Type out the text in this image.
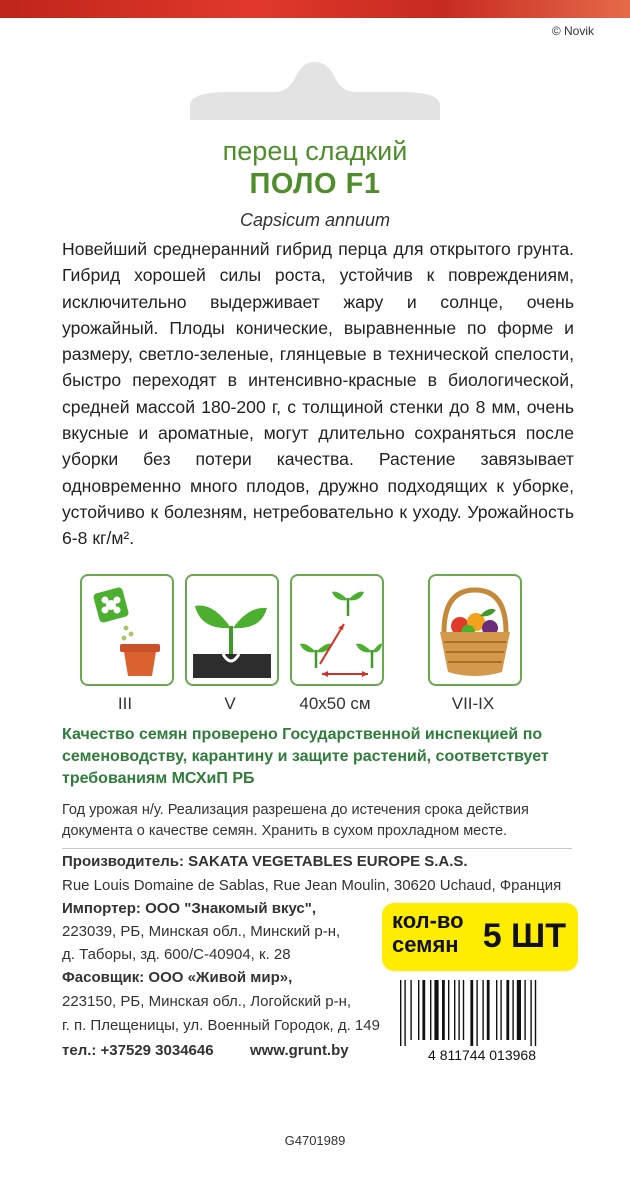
© Novik
перец сладкий
ПОЛО F1
Capsicum annuum
Новейший среднеранний гибрид перца для открытого грунта. Гибрид хорошей силы роста, устойчив к повреждениям, исключительно выдерживает жару и солнце, очень урожайный. Плоды конические, выравненные по форме и размеру, светло-зеленые, глянцевые в технической спелости, быстро переходят в интенсивно-красные в биологической, средней массой 180-200 г, с толщиной стенки до 8 мм, очень вкусные и ароматные, могут длительно сохраняться после уборки без потери качества. Растение завязывает одновременно много плодов, дружно подходящих к уборке, устойчиво к болезням, нетребовательно к уходу. Урожайность 6-8 кг/м².
III	V	40x50 см	VII-IX
Качество семян проверено Государственной инспекцией по семеноводству, карантину и защите растений, соответствует требованиям МСХиП РБ
Год урожая н/у. Реализация разрешена до истечения срока действия документа о качестве семян. Хранить в сухом прохладном месте.
Производитель: SAKATA VEGETABLES EUROPE S.A.S.
Rue Louis Domaine de Sablas, Rue Jean Moulin, 30620 Uchaud, Франция
Импортер: ООО "Знакомый вкус",
223039, РБ, Минская обл., Минский р-н,
д. Таборы, зд. 600/С-40904, к. 28
Фасовщик: ООО «Живой мир»,
223150, РБ, Минская обл., Логойский р-н,
г. п. Плещеницы, ул. Военный Городок, д. 149
кол-во
семян 5 ШТ
тел.: +37529 3034646 www.grunt.by	4 811744 013968
G4701989
